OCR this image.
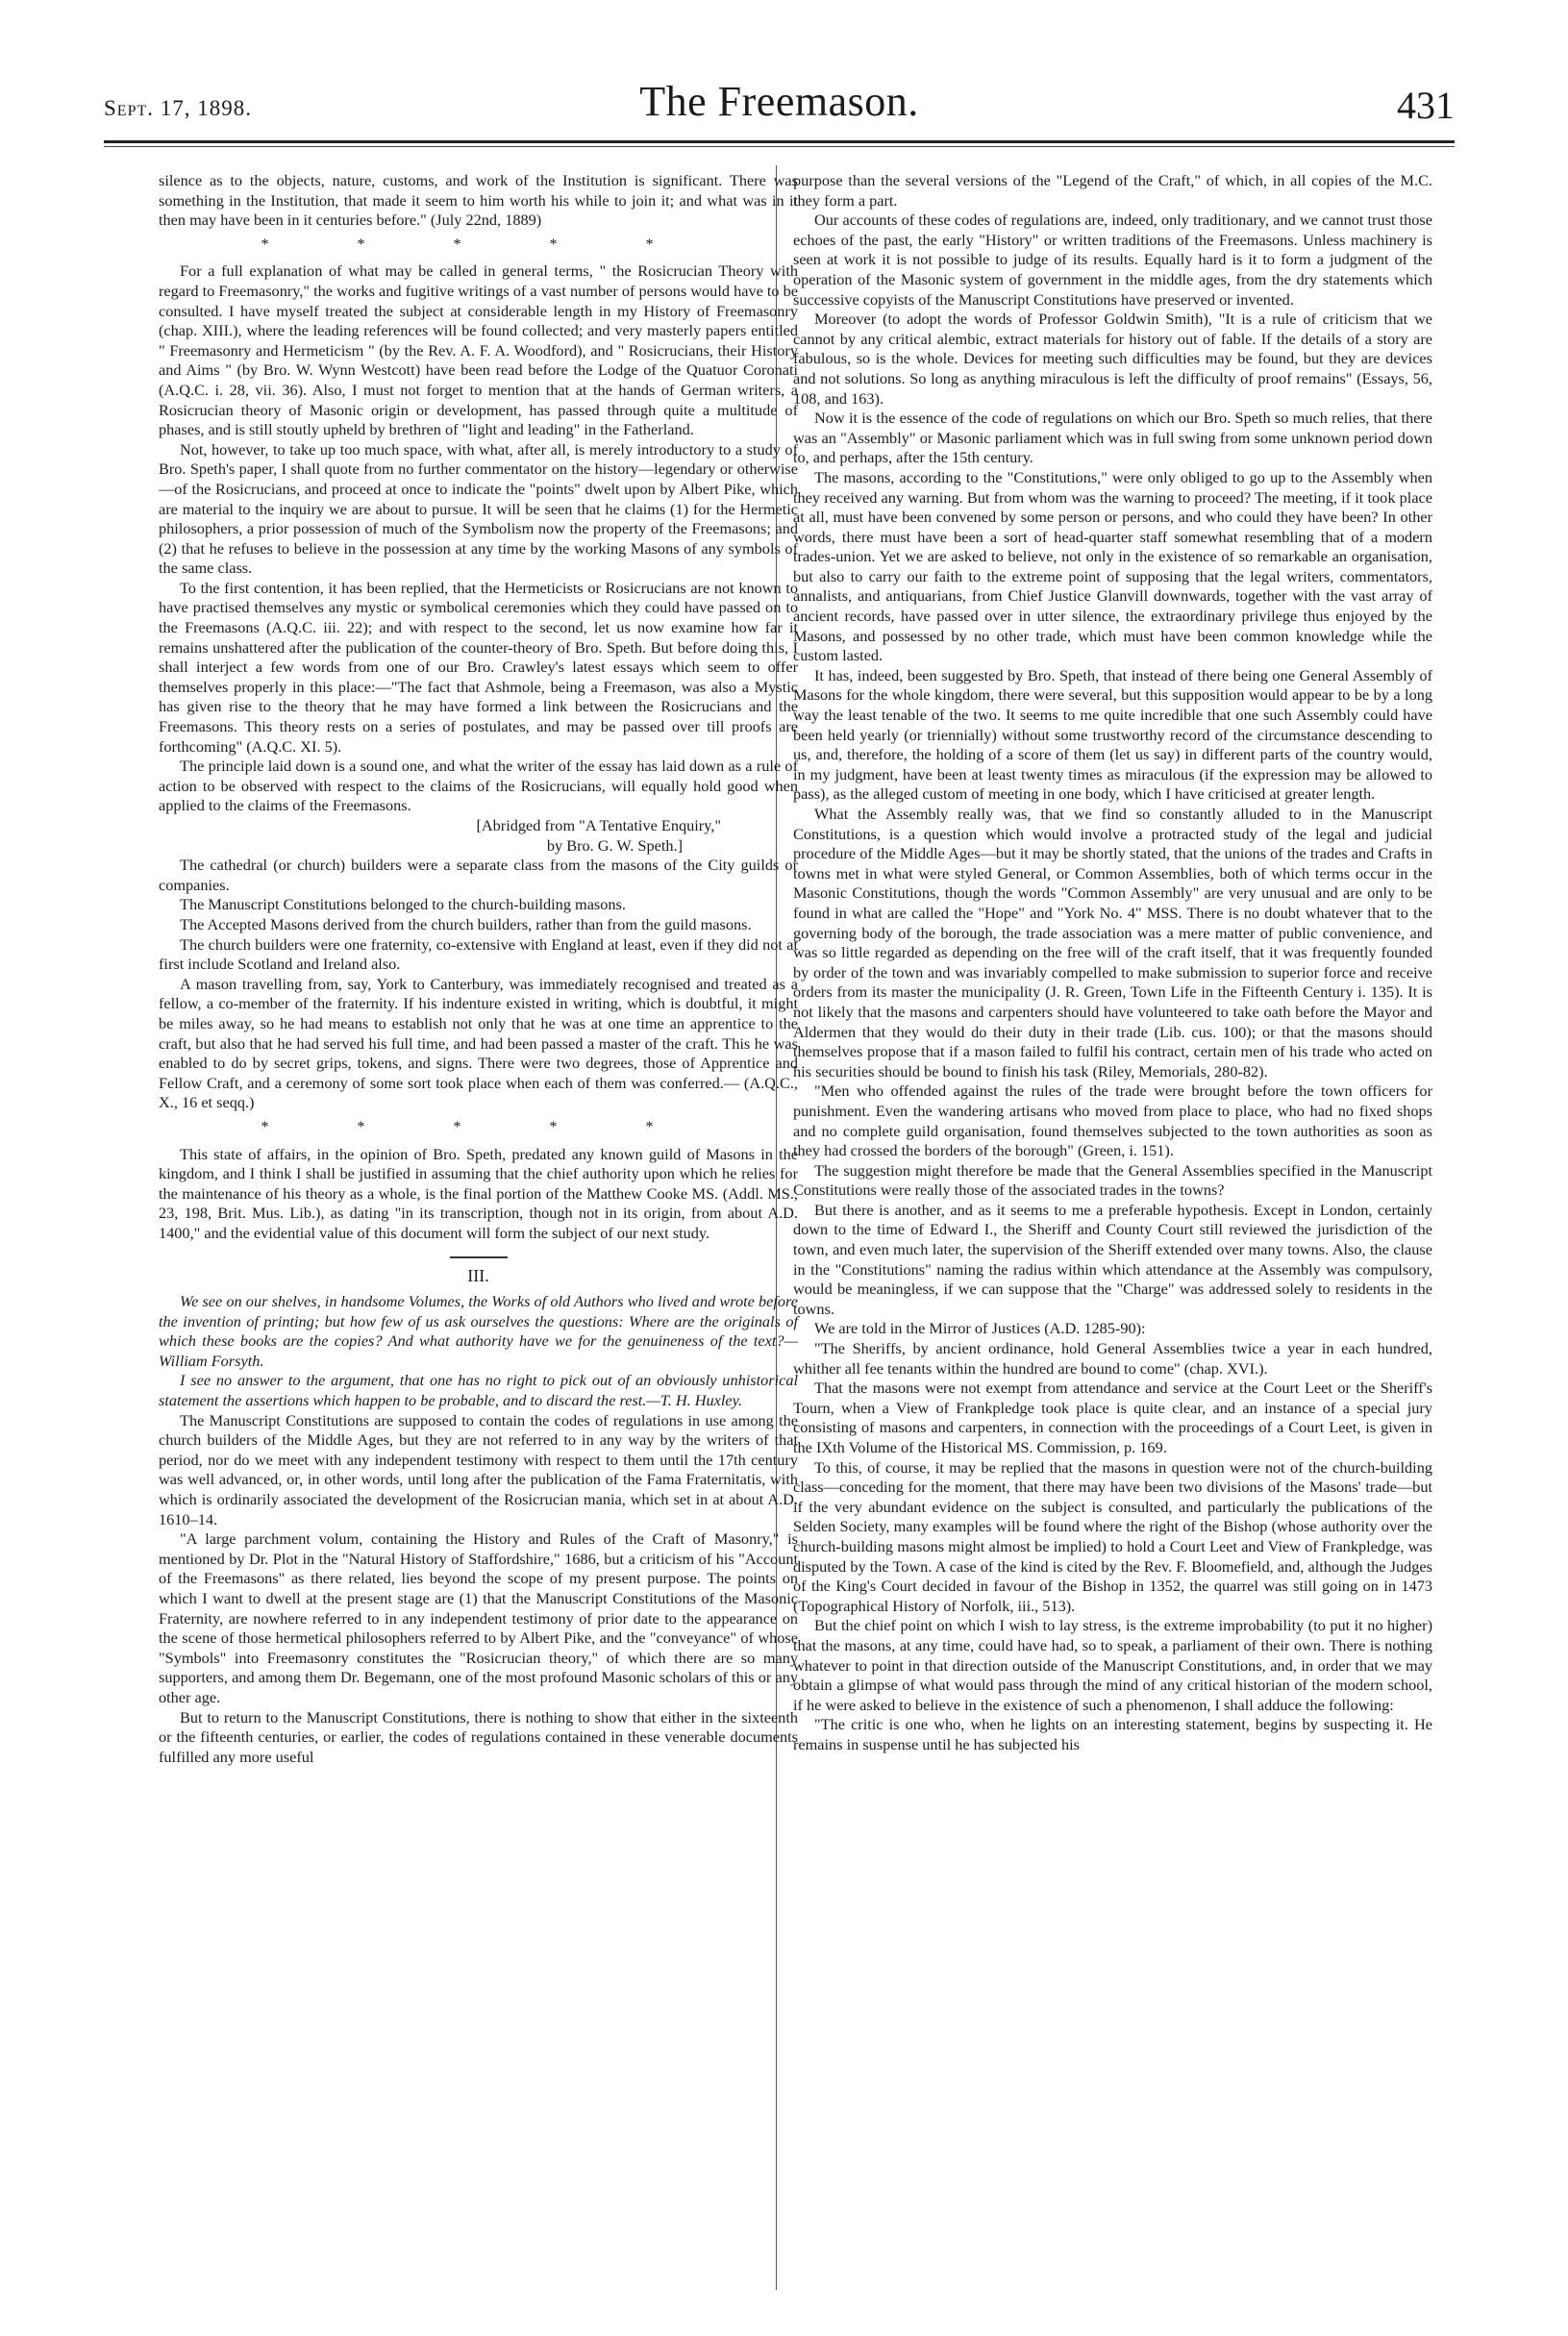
Sept. 17, 1898.	The Freemason.	431

silence as to the objects, nature, customs, and work of the Institution is significant. There was something in the Institution, that made it seem to him worth his while to join it; and what was in it then may have been in it centuries before." (July 22nd, 1889)

* * * * *

For a full explanation of what may be called in general terms, " the Rosicrucian Theory with regard to Freemasonry," the works and fugitive writings of a vast number of persons would have to be consulted. I have myself treated the subject at considerable length in my History of Freemasonry (chap. XIII.), where the leading references will be found collected; and very masterly papers entitled " Freemasonry and Hermeticism " (by the Rev. A. F. A. Woodford), and " Rosicrucians, their History and Aims " (by Bro. W. Wynn Westcott) have been read before the Lodge of the Quatuor Coronati (A.Q.C. i. 28, vii. 36). Also, I must not forget to mention that at the hands of German writers, a Rosicrucian theory of Masonic origin or development, has passed through quite a multitude of phases, and is still stoutly upheld by brethren of "light and leading" in the Fatherland.

Not, however, to take up too much space, with what, after all, is merely introductory to a study of Bro. Speth's paper, I shall quote from no further commentator on the history—legendary or otherwise—of the Rosicrucians, and proceed at once to indicate the "points" dwelt upon by Albert Pike, which are material to the inquiry we are about to pursue. It will be seen that he claims (1) for the Hermetic philosophers, a prior possession of much of the Symbolism now the property of the Freemasons; and (2) that he refuses to believe in the possession at any time by the working Masons of any symbols of the same class.

To the first contention, it has been replied, that the Hermeticists or Rosicrucians are not known to have practised themselves any mystic or symbolical ceremonies which they could have passed on to the Freemasons (A.Q.C. iii. 22); and with respect to the second, let us now examine how far it remains unshattered after the publication of the counter-theory of Bro. Speth. But before doing this, I shall interject a few words from one of our Bro. Crawley's latest essays which seem to offer themselves properly in this place:—"The fact that Ashmole, being a Freemason, was also a Mystic has given rise to the theory that he may have formed a link between the Rosicrucians and the Freemasons. This theory rests on a series of postulates, and may be passed over till proofs are forthcoming" (A.Q.C. XI. 5).

The principle laid down is a sound one, and what the writer of the essay has laid down as a rule of action to be observed with respect to the claims of the Rosicrucians, will equally hold good when applied to the claims of the Freemasons.

[Abridged from "A Tentative Enquiry,"
by Bro. G. W. Speth.]

The cathedral (or church) builders were a separate class from the masons of the City guilds or companies.

The Manuscript Constitutions belonged to the church-building masons.

The Accepted Masons derived from the church builders, rather than from the guild masons.

The church builders were one fraternity, co-extensive with England at least, even if they did not at first include Scotland and Ireland also.

A mason travelling from, say, York to Canterbury, was immediately recognised and treated as a fellow, a co-member of the fraternity. If his indenture existed in writing, which is doubtful, it might be miles away, so he had means to establish not only that he was at one time an apprentice to the craft, but also that he had served his full time, and had been passed a master of the craft. This he was enabled to do by secret grips, tokens, and signs. There were two degrees, those of Apprentice and Fellow Craft, and a ceremony of some sort took place when each of them was conferred.— (A.Q.C., X., 16 et seqq.)

* * * * *

This state of affairs, in the opinion of Bro. Speth, predated any known guild of Masons in the kingdom, and I think I shall be justified in assuming that the chief authority upon which he relies for the maintenance of his theory as a whole, is the final portion of the Matthew Cooke MS. (Addl. MS., 23, 198, Brit. Mus. Lib.), as dating "in its transcription, though not in its origin, from about A.D. 1400," and the evidential value of this document will form the subject of our next study.

III.

We see on our shelves, in handsome Volumes, the Works of old Authors who lived and wrote before the invention of printing; but how few of us ask ourselves the questions: Where are the originals of which these books are the copies? And what authority have we for the genuineness of the text?—William Forsyth.

I see no answer to the argument, that one has no right to pick out of an obviously unhistorical statement the assertions which happen to be probable, and to discard the rest.—T. H. Huxley.

The Manuscript Constitutions are supposed to contain the codes of regulations in use among the church builders of the Middle Ages, but they are not referred to in any way by the writers of that period, nor do we meet with any independent testimony with respect to them until the 17th century was well advanced, or, in other words, until long after the publication of the Fama Fraternitatis, with which is ordinarily associated the development of the Rosicrucian mania, which set in at about A.D. 1610–14.

"A large parchment volum, containing the History and Rules of the Craft of Masonry," is mentioned by Dr. Plot in the "Natural History of Staffordshire," 1686, but a criticism of his "Account of the Freemasons" as there related, lies beyond the scope of my present purpose. The points on which I want to dwell at the present stage are (1) that the Manuscript Constitutions of the Masonic Fraternity, are nowhere referred to in any independent testimony of prior date to the appearance on the scene of those hermetical philosophers referred to by Albert Pike, and the "conveyance" of whose "Symbols" into Freemasonry constitutes the "Rosicrucian theory," of which there are so many supporters, and among them Dr. Begemann, one of the most profound Masonic scholars of this or any other age.

But to return to the Manuscript Constitutions, there is nothing to show that either in the sixteenth or the fifteenth centuries, or earlier, the codes of regulations contained in these venerable documents fulfilled any more useful

purpose than the several versions of the "Legend of the Craft," of which, in all copies of the M.C. they form a part.

Our accounts of these codes of regulations are, indeed, only traditionary, and we cannot trust those echoes of the past, the early "History" or written traditions of the Freemasons. Unless machinery is seen at work it is not possible to judge of its results. Equally hard is it to form a judgment of the operation of the Masonic system of government in the middle ages, from the dry statements which successive copyists of the Manuscript Constitutions have preserved or invented.

Moreover (to adopt the words of Professor Goldwin Smith), "It is a rule of criticism that we cannot by any critical alembic, extract materials for history out of fable. If the details of a story are fabulous, so is the whole. Devices for meeting such difficulties may be found, but they are devices and not solutions. So long as anything miraculous is left the difficulty of proof remains" (Essays, 56, 108, and 163).

Now it is the essence of the code of regulations on which our Bro. Speth so much relies, that there was an "Assembly" or Masonic parliament which was in full swing from some unknown period down to, and perhaps, after the 15th century.

The masons, according to the "Constitutions," were only obliged to go up to the Assembly when they received any warning. But from whom was the warning to proceed? The meeting, if it took place at all, must have been convened by some person or persons, and who could they have been? In other words, there must have been a sort of head-quarter staff somewhat resembling that of a modern trades-union. Yet we are asked to believe, not only in the existence of so remarkable an organisation, but also to carry our faith to the extreme point of supposing that the legal writers, commentators, annalists, and antiquarians, from Chief Justice Glanvill downwards, together with the vast array of ancient records, have passed over in utter silence, the extraordinary privilege thus enjoyed by the Masons, and possessed by no other trade, which must have been common knowledge while the custom lasted.

It has, indeed, been suggested by Bro. Speth, that instead of there being one General Assembly of Masons for the whole kingdom, there were several, but this supposition would appear to be by a long way the least tenable of the two. It seems to me quite incredible that one such Assembly could have been held yearly (or triennially) without some trustworthy record of the circumstance descending to us, and, therefore, the holding of a score of them (let us say) in different parts of the country would, in my judgment, have been at least twenty times as miraculous (if the expression may be allowed to pass), as the alleged custom of meeting in one body, which I have criticised at greater length.

What the Assembly really was, that we find so constantly alluded to in the Manuscript Constitutions, is a question which would involve a protracted study of the legal and judicial procedure of the Middle Ages—but it may be shortly stated, that the unions of the trades and Crafts in towns met in what were styled General, or Common Assemblies, both of which terms occur in the Masonic Constitutions, though the words "Common Assembly" are very unusual and are only to be found in what are called the "Hope" and "York No. 4" MSS. There is no doubt whatever that to the governing body of the borough, the trade association was a mere matter of public convenience, and was so little regarded as depending on the free will of the craft itself, that it was frequently founded by order of the town and was invariably compelled to make submission to superior force and receive orders from its master the municipality (J. R. Green, Town Life in the Fifteenth Century i. 135). It is not likely that the masons and carpenters should have volunteered to take oath before the Mayor and Aldermen that they would do their duty in their trade (Lib. cus. 100); or that the masons should themselves propose that if a mason failed to fulfil his contract, certain men of his trade who acted on his securities should be bound to finish his task (Riley, Memorials, 280-82).

"Men who offended against the rules of the trade were brought before the town officers for punishment. Even the wandering artisans who moved from place to place, who had no fixed shops and no complete guild organisation, found themselves subjected to the town authorities as soon as they had crossed the borders of the borough" (Green, i. 151).

The suggestion might therefore be made that the General Assemblies specified in the Manuscript Constitutions were really those of the associated trades in the towns?

But there is another, and as it seems to me a preferable hypothesis. Except in London, certainly down to the time of Edward I., the Sheriff and County Court still reviewed the jurisdiction of the town, and even much later, the supervision of the Sheriff extended over many towns. Also, the clause in the "Constitutions" naming the radius within which attendance at the Assembly was compulsory, would be meaningless, if we can suppose that the "Charge" was addressed solely to residents in the towns.

We are told in the Mirror of Justices (A.D. 1285-90):

"The Sheriffs, by ancient ordinance, hold General Assemblies twice a year in each hundred, whither all fee tenants within the hundred are bound to come" (chap. XVI.).

That the masons were not exempt from attendance and service at the Court Leet or the Sheriff's Tourn, when a View of Frankpledge took place is quite clear, and an instance of a special jury consisting of masons and carpenters, in connection with the proceedings of a Court Leet, is given in the IXth Volume of the Historical MS. Commission, p. 169.

To this, of course, it may be replied that the masons in question were not of the church-building class—conceding for the moment, that there may have been two divisions of the Masons' trade—but if the very abundant evidence on the subject is consulted, and particularly the publications of the Selden Society, many examples will be found where the right of the Bishop (whose authority over the church-building masons might almost be implied) to hold a Court Leet and View of Frankpledge, was disputed by the Town. A case of the kind is cited by the Rev. F. Bloomefield, and, although the Judges of the King's Court decided in favour of the Bishop in 1352, the quarrel was still going on in 1473 (Topographical History of Norfolk, iii., 513).

But the chief point on which I wish to lay stress, is the extreme improbability (to put it no higher) that the masons, at any time, could have had, so to speak, a parliament of their own. There is nothing whatever to point in that direction outside of the Manuscript Constitutions, and, in order that we may obtain a glimpse of what would pass through the mind of any critical historian of the modern school, if he were asked to believe in the existence of such a phenomenon, I shall adduce the following:

"The critic is one who, when he lights on an interesting statement, begins by suspecting it. He remains in suspense until he has subjected his
